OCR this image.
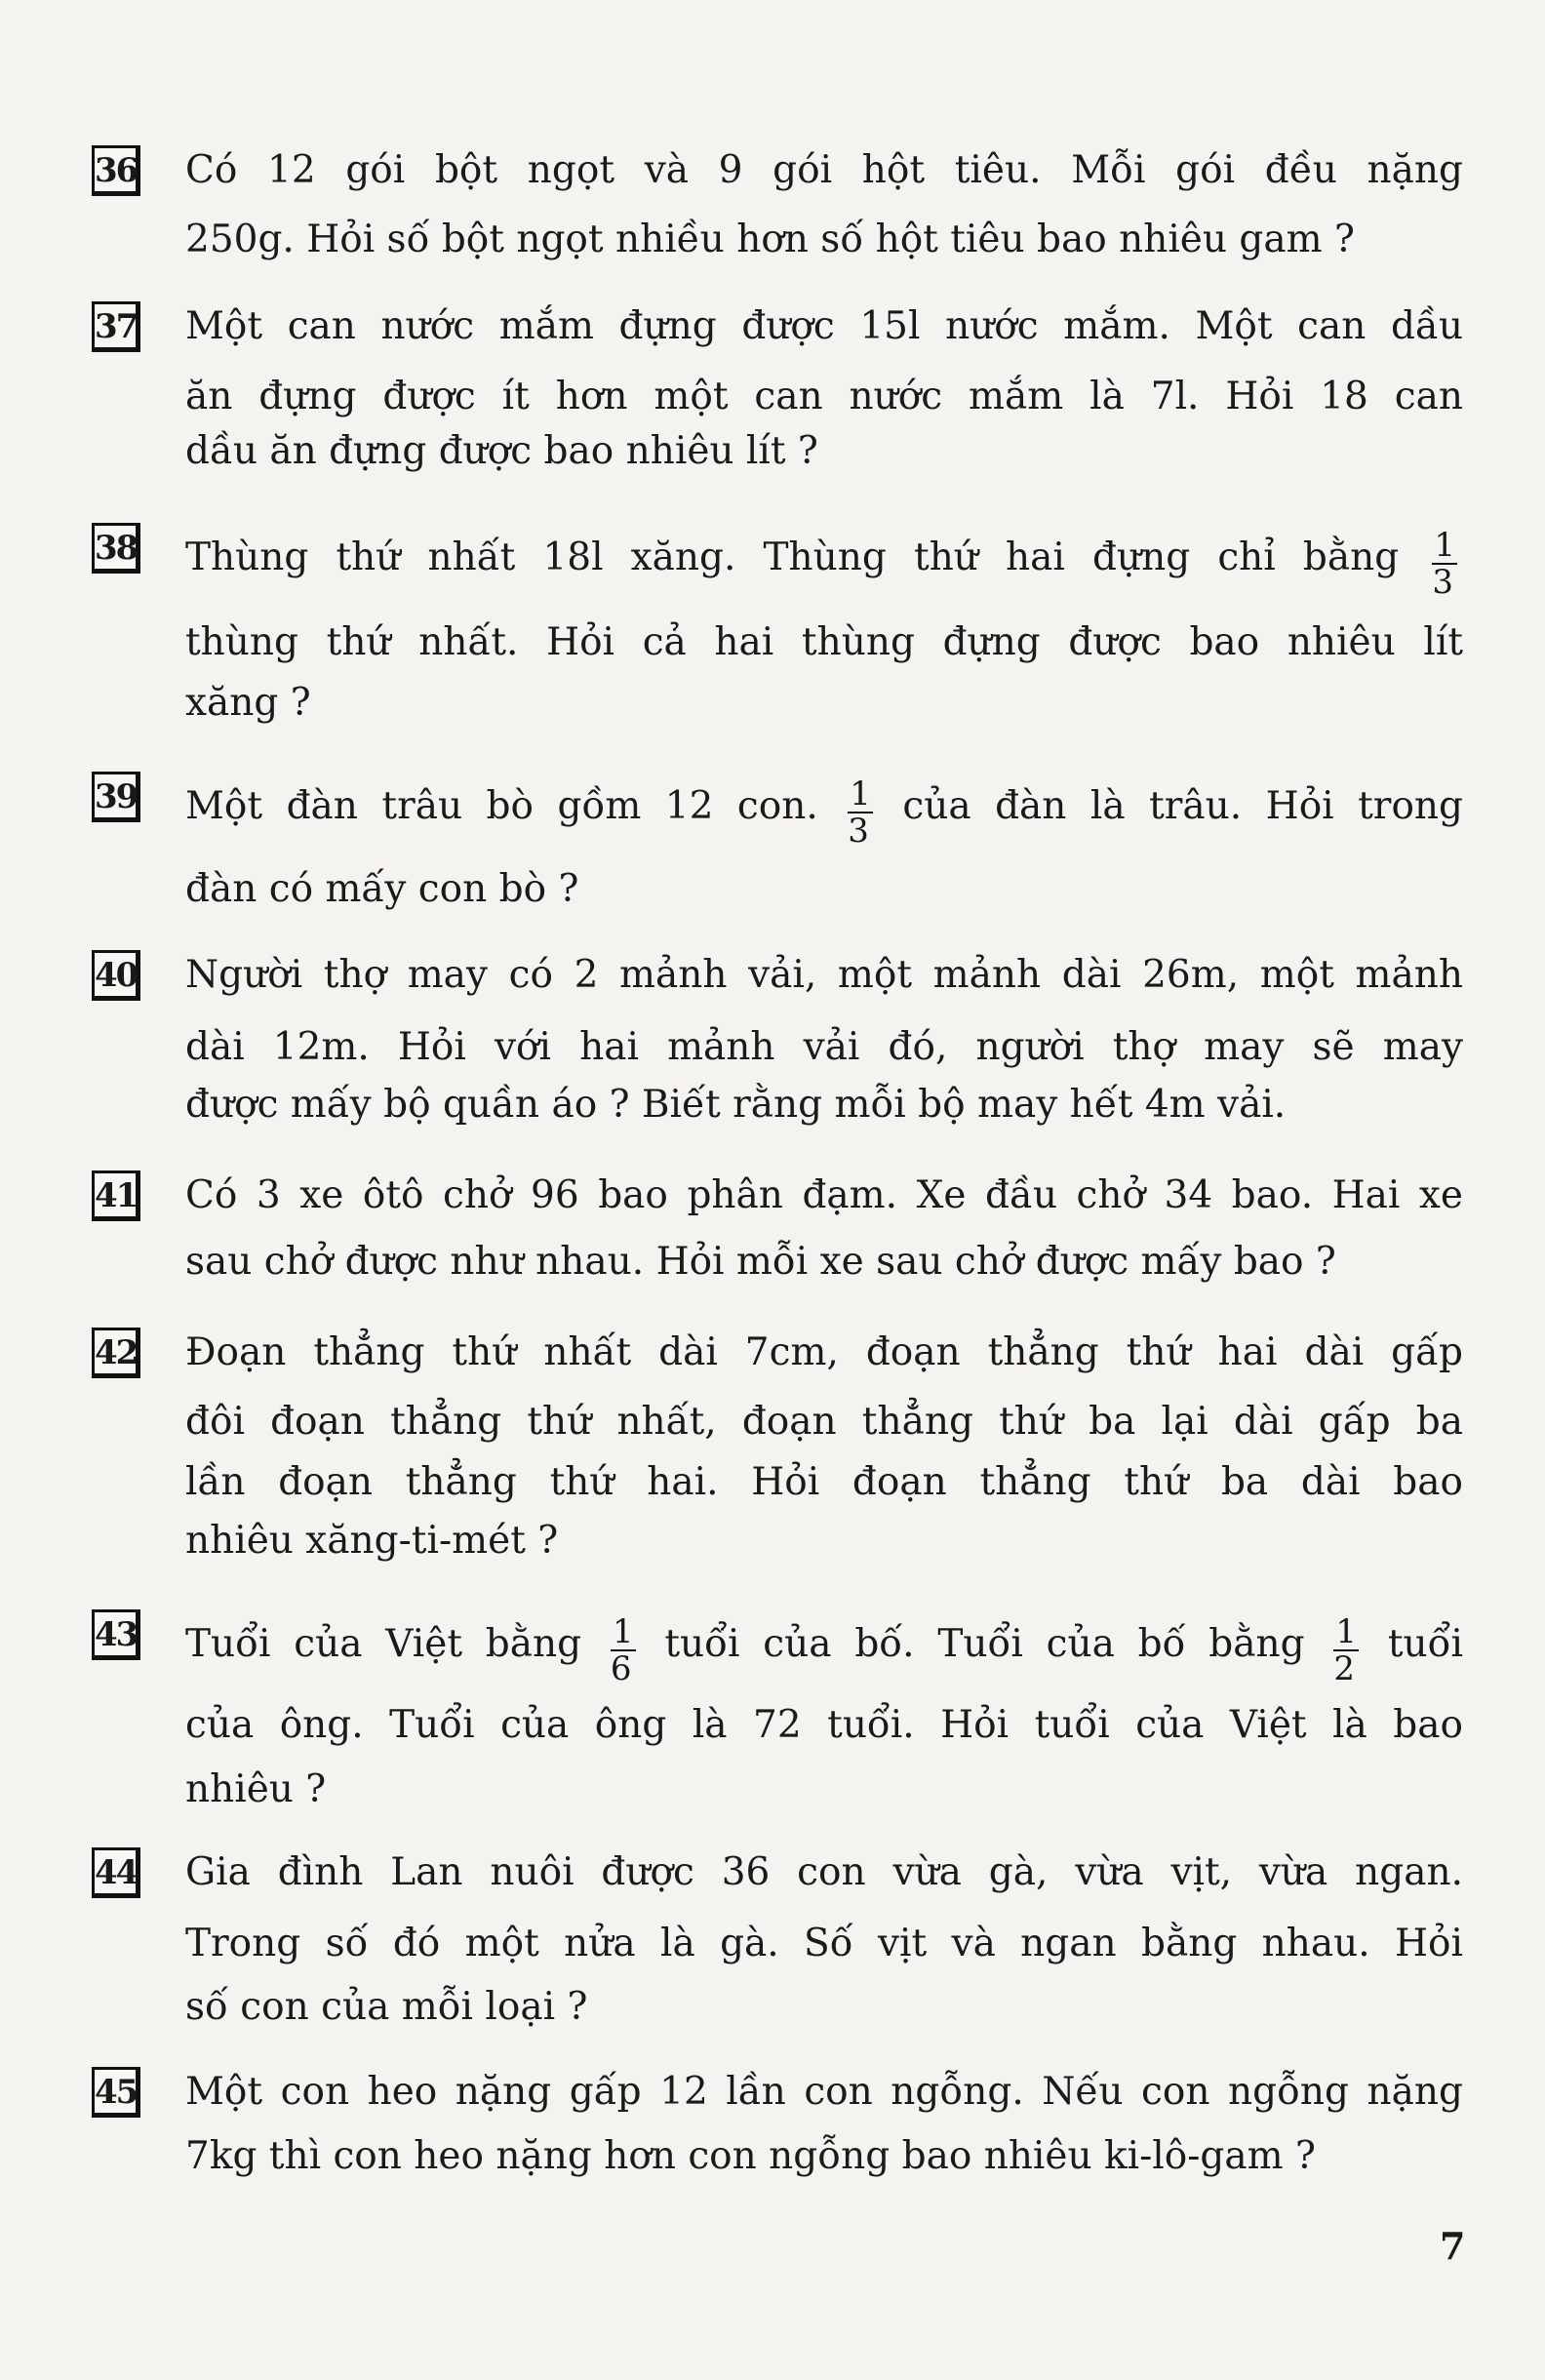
7
36 Có 12 gói bột ngọt và 9 gói hột tiêu. Mỗi gói đều nặng
250g. Hỏi số bột ngọt nhiều hơn số hột tiêu bao nhiêu gam ?
37 Một can nước mắm đựng được 15l nước mắm. Một can dầu
ăn đựng được ít hơn một can nước mắm là 7l. Hỏi 18 can
dầu ăn đựng được bao nhiêu lít ?
38 Thùng thứ nhất 18l xăng. Thùng thứ hai đựng chỉ bằng $\frac{1}{3}$
thùng thứ nhất. Hỏi cả hai thùng đựng được bao nhiêu lít
xăng ?
39 Một đàn trâu bò gồm 12 con. $\frac{1}{3}$ của đàn là trâu. Hỏi trong
đàn có mấy con bò ?
40 Người thợ may có 2 mảnh vải, một mảnh dài 26m, một mảnh
dài 12m. Hỏi với hai mảnh vải đó, người thợ may sẽ may
được mấy bộ quần áo ? Biết rằng mỗi bộ may hết 4m vải.
41 Có 3 xe ôtô chở 96 bao phân đạm. Xe đầu chở 34 bao. Hai xe
sau chở được như nhau. Hỏi mỗi xe sau chở được mấy bao ?
42 Đoạn thẳng thứ nhất dài 7cm, đoạn thẳng thứ hai dài gấp
đôi đoạn thẳng thứ nhất, đoạn thẳng thứ ba lại dài gấp ba
lần đoạn thẳng thứ hai. Hỏi đoạn thẳng thứ ba dài bao
nhiêu xăng-ti-mét ?
43 Tuổi của Việt bằng $\frac{1}{6}$ tuổi của bố. Tuổi của bố bằng $\frac{1}{2}$ tuổi
của ông. Tuổi của ông là 72 tuổi. Hỏi tuổi của Việt là bao
nhiêu ?
44 Gia đình Lan nuôi được 36 con vừa gà, vừa vịt, vừa ngan.
Trong số đó một nửa là gà. Số vịt và ngan bằng nhau. Hỏi
số con của mỗi loại ?
45 Một con heo nặng gấp 12 lần con ngỗng. Nếu con ngỗng nặng
7kg thì con heo nặng hơn con ngỗng bao nhiêu ki-lô-gam ?
